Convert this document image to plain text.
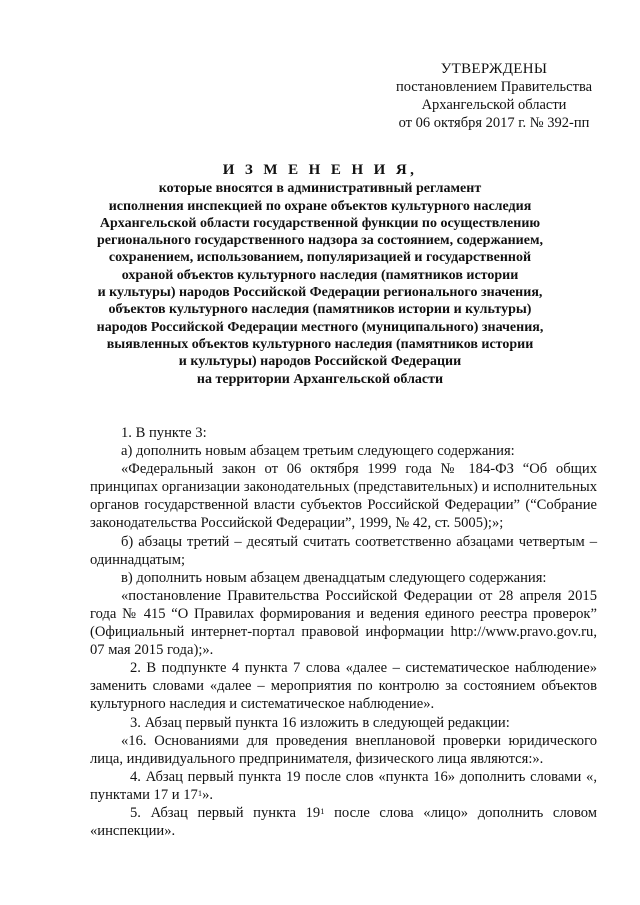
УТВЕРЖДЕНЫ
постановлением Правительства
Архангельской области
от 06 октября 2017 г. № 392-пп
И З М Е Н Е Н И Я,
которые вносятся в административный регламент
исполнения инспекцией по охране объектов культурного наследия
Архангельской области государственной функции по осуществлению
регионального государственного надзора за состоянием, содержанием,
сохранением, использованием, популяризацией и государственной
охраной объектов культурного наследия (памятников истории
и культуры) народов Российской Федерации регионального значения,
объектов культурного наследия (памятников истории и культуры)
народов Российской Федерации местного (муниципального) значения,
выявленных объектов культурного наследия (памятников истории
и культуры) народов Российской Федерации
на территории Архангельской области

1. В пункте 3:

а) дополнить новым абзацем третьим следующего содержания:

«Федеральный закон от 06 октября 1999 года № 184-ФЗ “Об общих принципах организации законодательных (представительных) и исполнительных органов государственной власти субъектов Российской Федерации” (“Собрание законодательства Российской Федерации”, 1999, № 42, ст. 5005);»;

б) абзацы третий – десятый считать соответственно абзацами четвертым – одиннадцатым;

в) дополнить новым абзацем двенадцатым следующего содержания:

«постановление Правительства Российской Федерации от 28 апреля 2015 года № 415 “О Правилах формирования и ведения единого реестра проверок” (Официальный интернет-портал правовой информации http://www.pravo.gov.ru, 07 мая 2015 года);».

2. В подпункте 4 пункта 7 слова «далее – систематическое наблюдение» заменить словами «далее – мероприятия по контролю за состоянием объектов культурного наследия и систематическое наблюдение».

3. Абзац первый пункта 16 изложить в следующей редакции:

«16. Основаниями для проведения внеплановой проверки юридического лица, индивидуального предпринимателя, физического лица являются:».

4. Абзац первый пункта 19 после слов «пункта 16» дополнить словами «, пунктами 17 и $17^1$».

5. Абзац первый пункта $19^1$ после слова «лицо» дополнить словом «инспекции».
